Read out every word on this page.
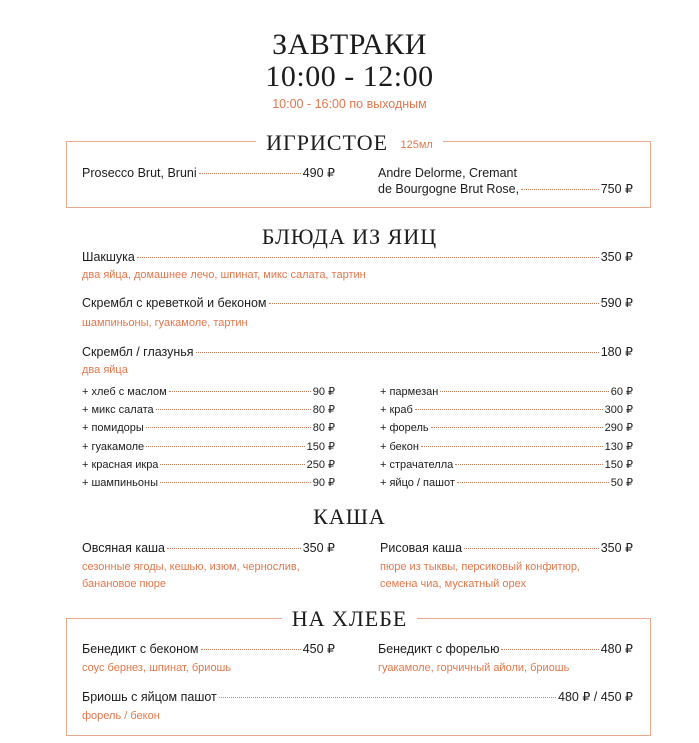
ЗАВТРАКИ
10:00 - 12:00
10:00 - 16:00 по выходным
ИГРИСТОЕ 125мл
Prosecco Brut, Bruni	490 ₽	Andre Delorme, Cremant
de Bourgogne Brut Rose,	750 ₽
БЛЮДА ИЗ ЯИЦ
Шакшука	350 ₽
два яйца, домашнее лечо, шпинат, микс салата, тартин
Скрембл с креветкой и беконом	590 ₽
шампиньоны, гуакамоле, тартин
Скрембл / глазунья	180 ₽
два яйца
+ хлеб с маслом	90 ₽
+ микс салата	80 ₽
+ помидоры	80 ₽
+ гуакамоле	150 ₽
+ красная икра	250 ₽
+ шампиньоны	90 ₽
+ пармезан	60 ₽
+ краб	300 ₽
+ форель	290 ₽
+ бекон	130 ₽
+ страчателла	150 ₽
+ яйцо / пашот	50 ₽
КАША
Овсяная каша	350 ₽
сезонные ягоды, кешью, изюм, чернослив,
банановое пюре
Рисовая каша	350 ₽
пюре из тыквы, персиковый конфитюр,
семена чиа, мускатный орех
НА ХЛЕБЕ
Бенедикт с беконом	450 ₽
соус бернез, шпинат, бриошь
Бенедикт с форелью	480 ₽
гуакамоле, горчичный айоли, бриошь
Бриошь с яйцом пашот	480 ₽ / 450 ₽
форель / бекон
